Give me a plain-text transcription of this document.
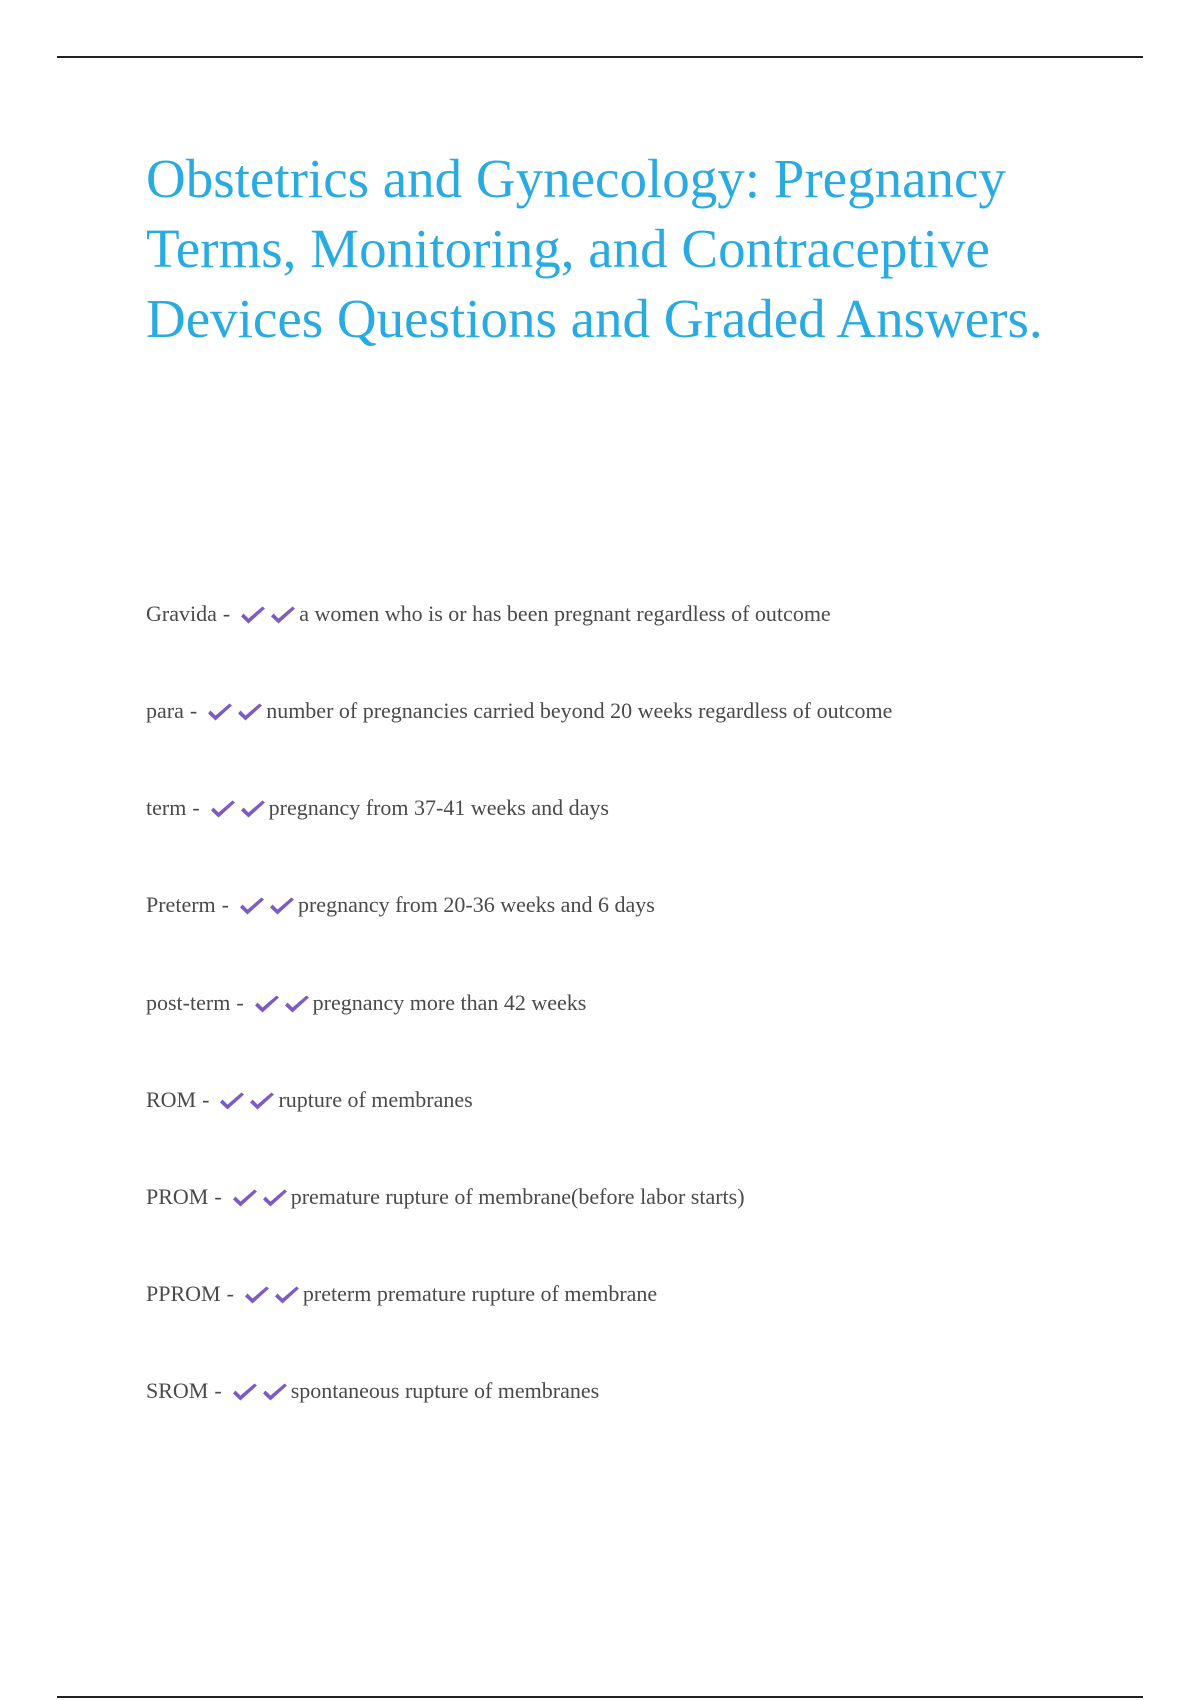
Obstetrics and Gynecology: Pregnancy Terms, Monitoring, and Contraceptive Devices Questions and Graded Answers.
Gravida -	a women who is or has been pregnant regardless of outcome
para -	number of pregnancies carried beyond 20 weeks regardless of outcome
term -	pregnancy from 37-41 weeks and days
Preterm -	pregnancy from 20-36 weeks and 6 days
post-term -	pregnancy more than 42 weeks
ROM -	rupture of membranes
PROM -	premature rupture of membrane(before labor starts)
PPROM -	preterm premature rupture of membrane
SROM -	spontaneous rupture of membranes
